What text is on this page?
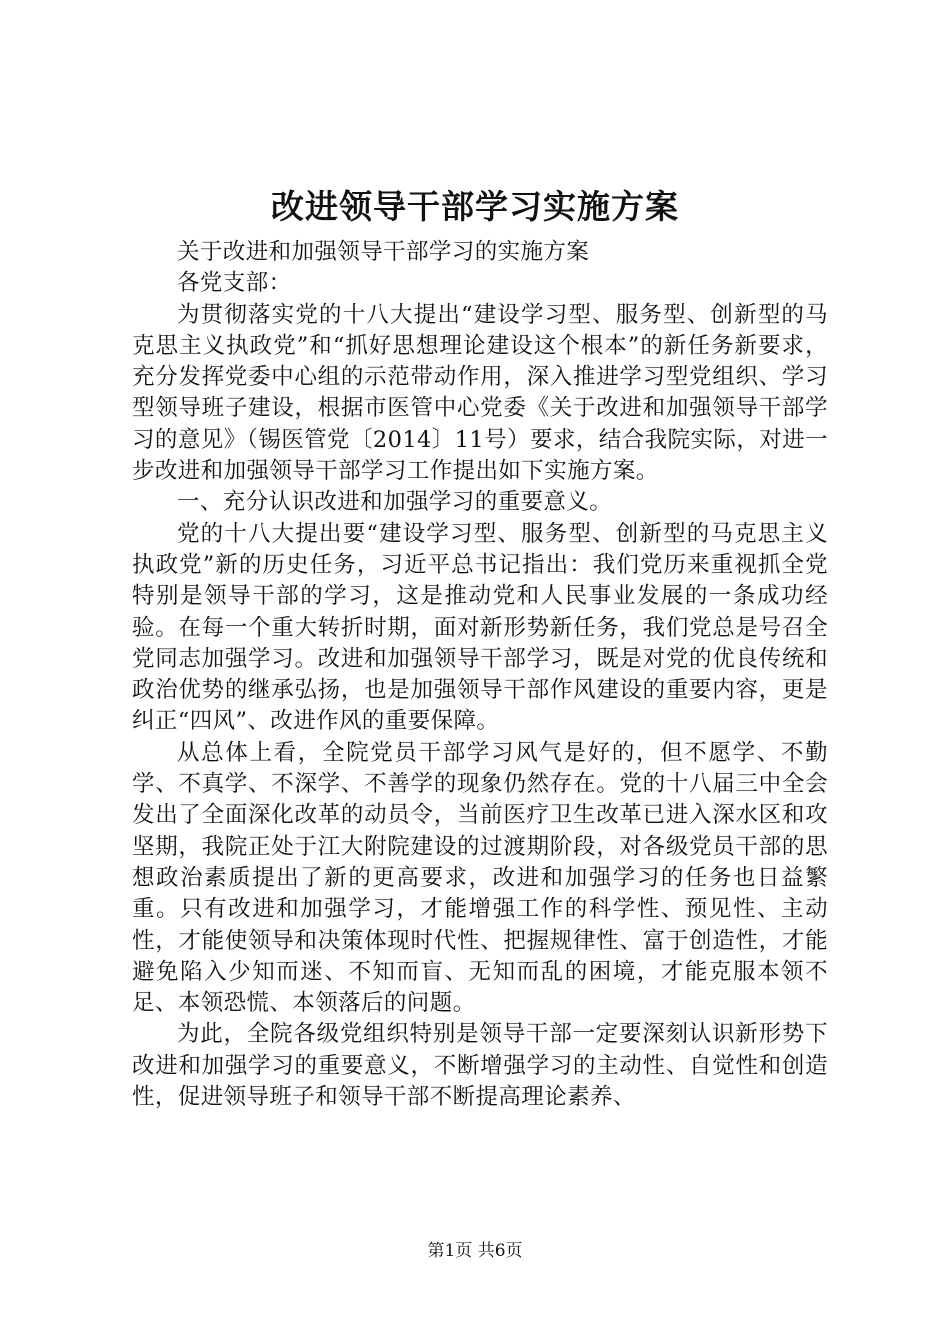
改进领导干部学习实施方案

关于改进和加强领导干部学习的实施方案

各党支部：

为贯彻落实党的十八大提出“建设学习型、服务型、创新型的马克思主义执政党”和“抓好思想理论建设这个根本”的新任务新要求，充分发挥党委中心组的示范带动作用，深入推进学习型党组织、学习型领导班子建设，根据市医管中心党委《关于改进和加强领导干部学习的意见》（锡医管党〔2014〕11号）要求，结合我院实际，对进一步改进和加强领导干部学习工作提出如下实施方案。

一、充分认识改进和加强学习的重要意义。

党的十八大提出要“建设学习型、服务型、创新型的马克思主义执政党”新的历史任务，习近平总书记指出：我们党历来重视抓全党特别是领导干部的学习，这是推动党和人民事业发展的一条成功经验。在每一个重大转折时期，面对新形势新任务，我们党总是号召全党同志加强学习。改进和加强领导干部学习，既是对党的优良传统和政治优势的继承弘扬，也是加强领导干部作风建设的重要内容，更是纠正“四风”、改进作风的重要保障。

从总体上看，全院党员干部学习风气是好的，但不愿学、不勤学、不真学、不深学、不善学的现象仍然存在。党的十八届三中全会发出了全面深化改革的动员令，当前医疗卫生改革已进入深水区和攻坚期，我院正处于江大附院建设的过渡期阶段，对各级党员干部的思想政治素质提出了新的更高要求，改进和加强学习的任务也日益繁重。只有改进和加强学习，才能增强工作的科学性、预见性、主动性，才能使领导和决策体现时代性、把握规律性、富于创造性，才能避免陷入少知而迷、不知而盲、无知而乱的困境，才能克服本领不足、本领恐慌、本领落后的问题。

为此，全院各级党组织特别是领导干部一定要深刻认识新形势下改进和加强学习的重要意义，不断增强学习的主动性、自觉性和创造性，促进领导班子和领导干部不断提高理论素养、

第1页 共6页
